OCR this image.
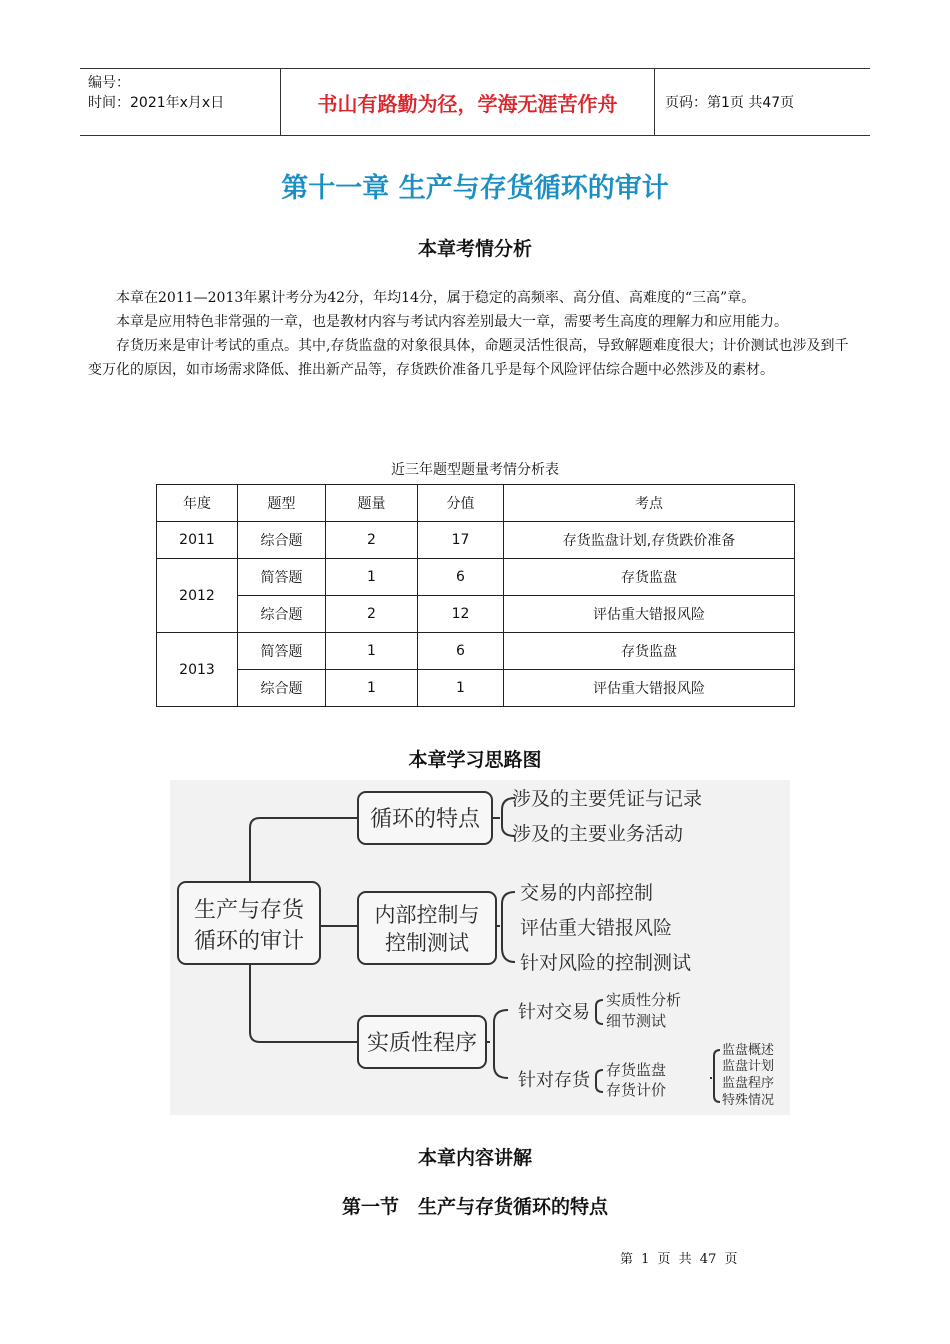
编号：
时间：2021年x月x日	书山有路勤为径，学海无涯苦作舟	页码：第1页 共47页
第十一章 生产与存货循环的审计
本章考情分析

本章在2011—2013年累计考分为42分，年均14分，属于稳定的高频率、高分值、高难度的“三高”章。

本章是应用特色非常强的一章，也是教材内容与考试内容差别最大一章，需要考生高度的理解力和应用能力。

存货历来是审计考试的重点。其中,存货监盘的对象很具体，命题灵活性很高，导致解题难度很大；计价测试也涉及到千变万化的原因，如市场需求降低、推出新产品等，存货跌价准备几乎是每个风险评估综合题中必然涉及的素材。

近三年题型题量考情分析表
年度	题型	题量	分值	考点
2011	综合题	2	17	存货监盘计划,存货跌价准备
2012	简答题	1	6	存货监盘
	综合题	2	12	评估重大错报风险
2013	简答题	1	6	存货监盘
	综合题	1	1	评估重大错报风险
本章学习思路图
生产与存货
循环的审计
循环的特点
涉及的主要凭证与记录
涉及的主要业务活动
内部控制与
控制测试
交易的内部控制
评估重大错报风险
针对风险的控制测试
实质性程序
针对交易
实质性分析
细节测试
针对存货 存货监盘
存货计价
监盘概述
监盘计划
监盘程序
特殊情况
本章内容讲解
第一节　生产与存货循环的特点
第 1 页 共 47 页
